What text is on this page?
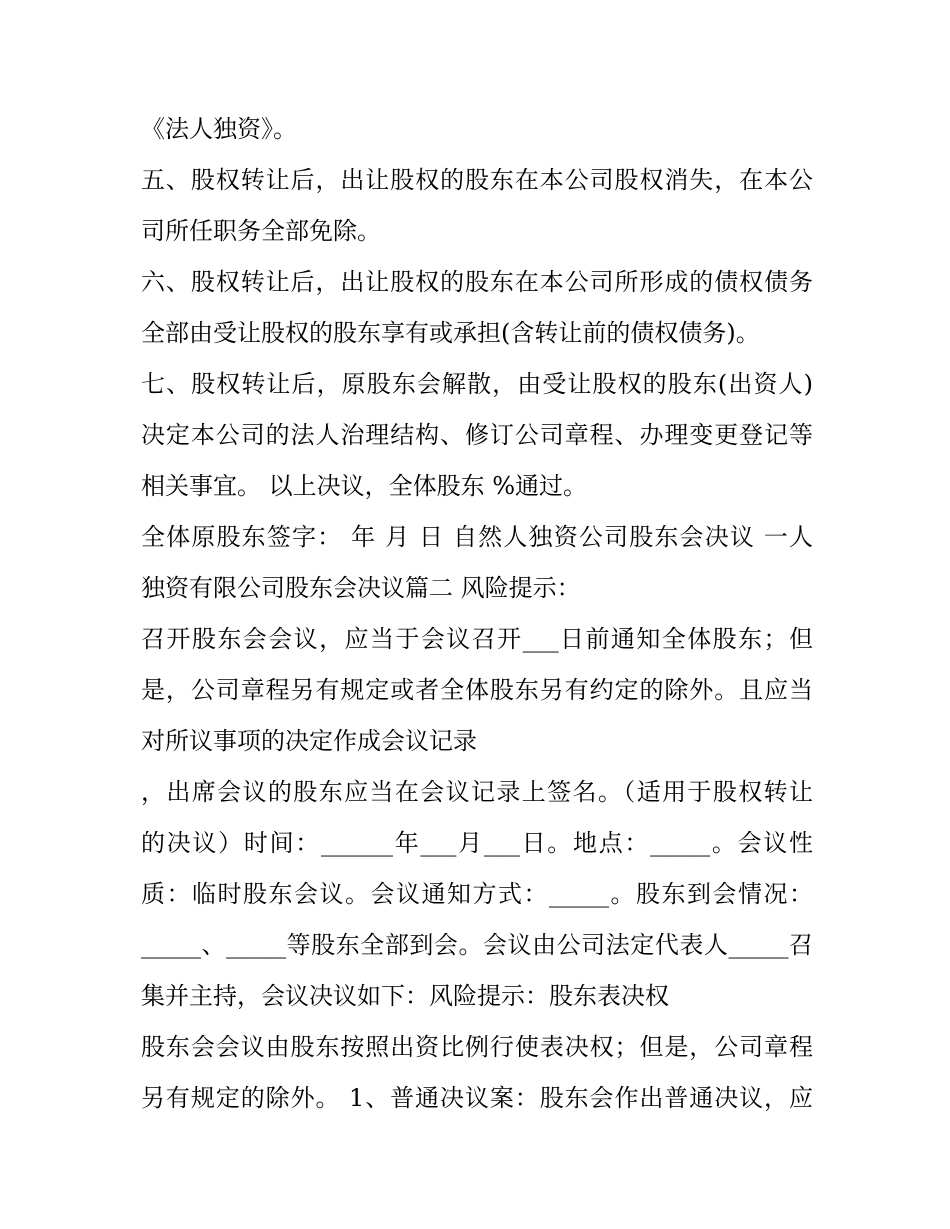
《法人独资》。
五、股权转让后，出让股权的股东在本公司股权消失，在本公
司所任职务全部免除。
六、股权转让后，出让股权的股东在本公司所形成的债权债务
全部由受让股权的股东享有或承担(含转让前的债权债务)。
七、股权转让后，原股东会解散，由受让股权的股东(出资人)
决定本公司的法人治理结构、修订公司章程、办理变更登记等
相关事宜。 以上决议，全体股东 %通过。
全体原股东签字： 年 月 日 自然人独资公司股东会决议 一人
独资有限公司股东会决议篇二 风险提示：
召开股东会会议，应当于会议召开___日前通知全体股东；但
是，公司章程另有规定或者全体股东另有约定的除外。且应当
对所议事项的决定作成会议记录
，出席会议的股东应当在会议记录上签名。（适用于股权转让
的决议）时间：______年___月___日。地点：_____。会议性
质：临时股东会议。会议通知方式：_____。股东到会情况：
_____、_____等股东全部到会。会议由公司法定代表人_____召
集并主持，会议决议如下：风险提示：股东表决权
股东会会议由股东按照出资比例行使表决权；但是，公司章程
另有规定的除外。 1、普通决议案：股东会作出普通决议，应
